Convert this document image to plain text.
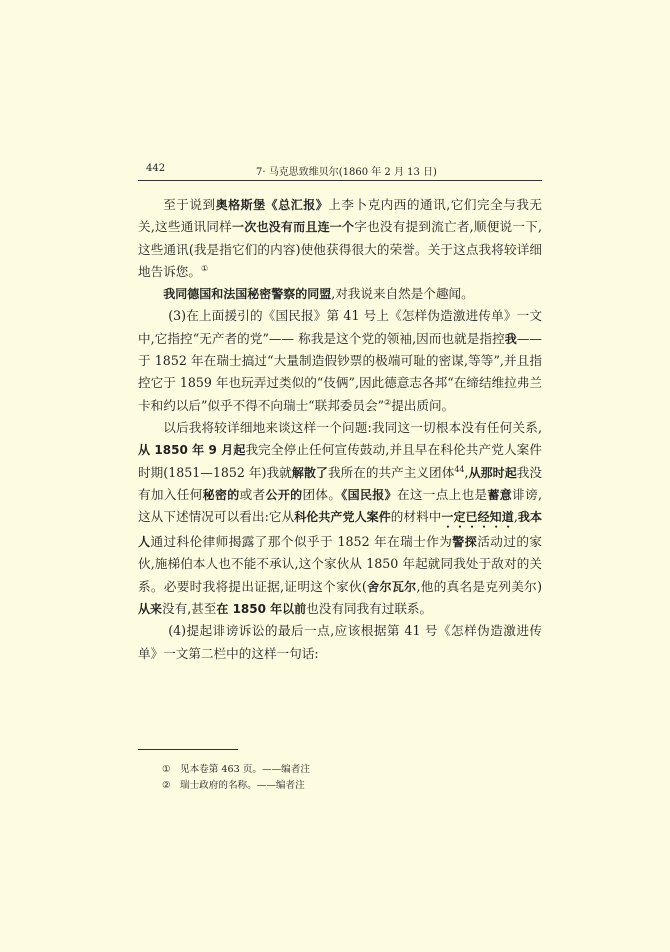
442	7· 马克思致维贝尔(1860 年 2 月 13 日)

至于说到奥格斯堡《总汇报》上李卜克内西的通讯,它们完全与我无关,这些通讯同样一次也没有而且连一个字也没有提到流亡者,顺便说一下,这些通讯(我是指它们的内容)使他获得很大的荣誉。关于这点我将较详细地告诉您。①

我同德国和法国秘密警察的同盟,对我说来自然是个趣闻。

(3)在上面援引的《国民报》第 41 号上《怎样伪造激进传单》一文中,它指控“无产者的党”—— 称我是这个党的领袖,因而也就是指控我—— 于 1852 年在瑞士搞过“大量制造假钞票的极端可耻的密谋,等等”,并且指控它于 1859 年也玩弄过类似的“伎俩”,因此德意志各邦“在缔结维拉弗兰卡和约以后”似乎不得不向瑞士“联邦委员会”②提出质问。

以后我将较详细地来谈这样一个问题:我同这一切根本没有任何关系,从 1850 年 9 月起我完全停止任何宣传鼓动,并且早在科伦共产党人案件时期(1851—1852 年)我就解散了我所在的共产主义团体$^{44}$,从那时起我没有加入任何秘密的或者公开的团体。《国民报》在这一点上也是蓄意诽谤,这从下述情况可以看出:它从科伦共产党人案件的材料中一定已经知道,我本人通过科伦律师揭露了那个似乎于 1852 年在瑞士作为警探活动过的家伙,施梯伯本人也不能不承认,这个家伙从 1850 年起就同我处于敌对的关系。必要时我将提出证据,证明这个家伙(舍尔瓦尔,他的真名是克列美尔)从来没有,甚至在 1850 年以前也没有同我有过联系。

(4)提起诽谤诉讼的最后一点,应该根据第 41 号《怎样伪造激进传单》一文第二栏中的这样一句话:

① 见本卷第 463 页。——编者注
② 瑞士政府的名称。——编者注
